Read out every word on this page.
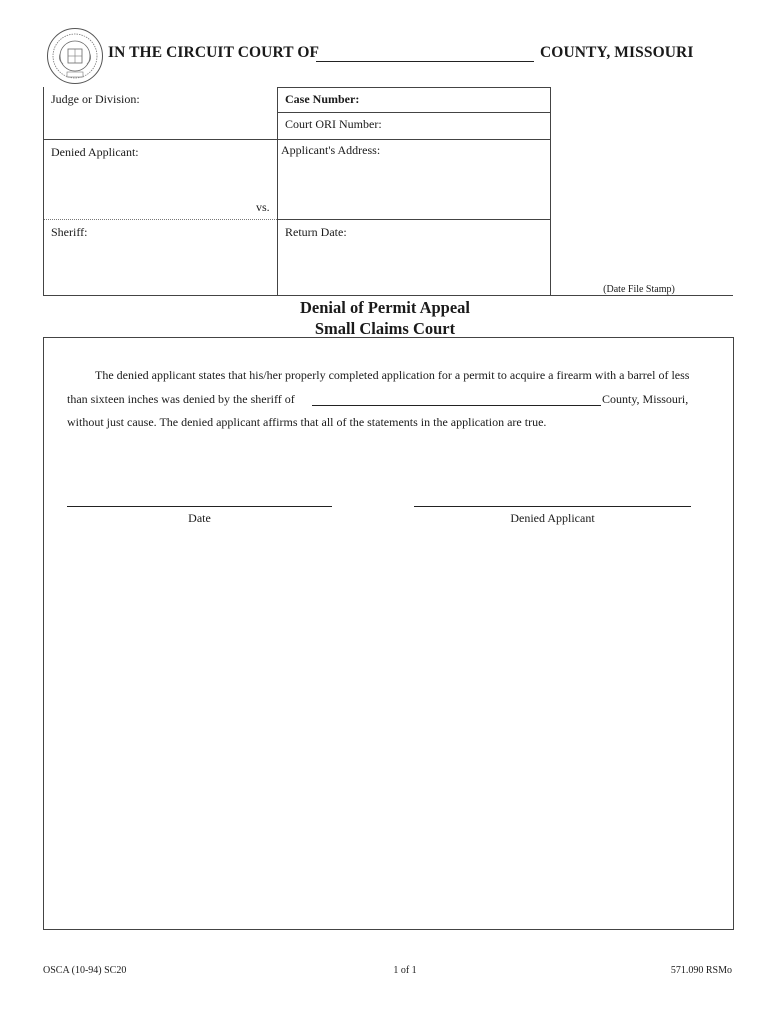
IN THE CIRCUIT COURT OF	COUNTY, MISSOURI
Judge or Division:	Case Number:
Court ORI Number:
Denied Applicant:	Applicant's Address:
vs.
Sheriff:	Return Date:
(Date File Stamp)
Denial of Permit Appeal
Small Claims Court
The denied applicant states that his/her properly completed application for a permit to acquire a firearm with a barrel of less
than sixteen inches was denied by the sheriff of	County, Missouri,
without just cause. The denied applicant affirms that all of the statements in the application are true.
Date	Denied Applicant
OSCA (10-94) SC20	1 of 1	571.090 RSMo
